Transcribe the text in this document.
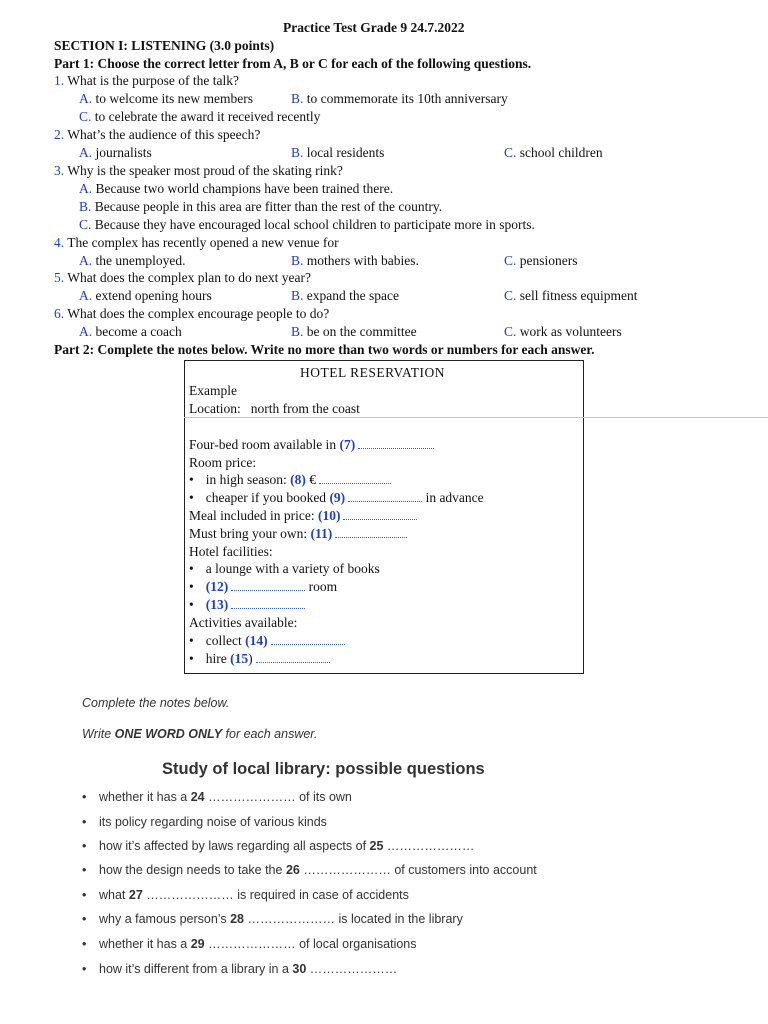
Practice Test Grade 9 24.7.2022
SECTION I: LISTENING (3.0 points)
Part 1: Choose the correct letter from A, B or C for each of the following questions.
1. What is the purpose of the talk?
A. to welcome its new members	B. to commemorate its 10th anniversary
C. to celebrate the award it received recently
2. What’s the audience of this speech?
A. journalists	B. local residents	C. school children
3. Why is the speaker most proud of the skating rink?
A. Because two world champions have been trained there.
B. Because people in this area are fitter than the rest of the country.
C. Because they have encouraged local school children to participate more in sports.
4. The complex has recently opened a new venue for
A. the unemployed.	B. mothers with babies.	C. pensioners
5. What does the complex plan to do next year?
A. extend opening hours	B. expand the space	C. sell fitness equipment
6. What does the complex encourage people to do?
A. become a coach	B. be on the committee	C. work as volunteers
Part 2: Complete the notes below. Write no more than two words or numbers for each answer.
HOTEL RESERVATION
Example
Location: north from the coast
Four-bed room available in (7)
Room price:
• in high season: (8) €
• cheaper if you booked (9)	in advance
Meal included in price: (10)
Must bring your own: (11)
Hotel facilities:
• a lounge with a variety of books
• (12)	room
• (13)
Activities available:
• collect (14)
• hire (15)
Complete the notes below.
Write ONE WORD ONLY for each answer.
Study of local library: possible questions
• whether it has a 24 ………………… of its own
• its policy regarding noise of various kinds
• how it’s affected by laws regarding all aspects of 25 …………………
• how the design needs to take the 26 ………………… of customers into account
• what 27 ………………… is required in case of accidents
• why a famous person’s 28 ………………… is located in the library
• whether it has a 29 ………………… of local organisations
• how it’s different from a library in a 30 …………………
